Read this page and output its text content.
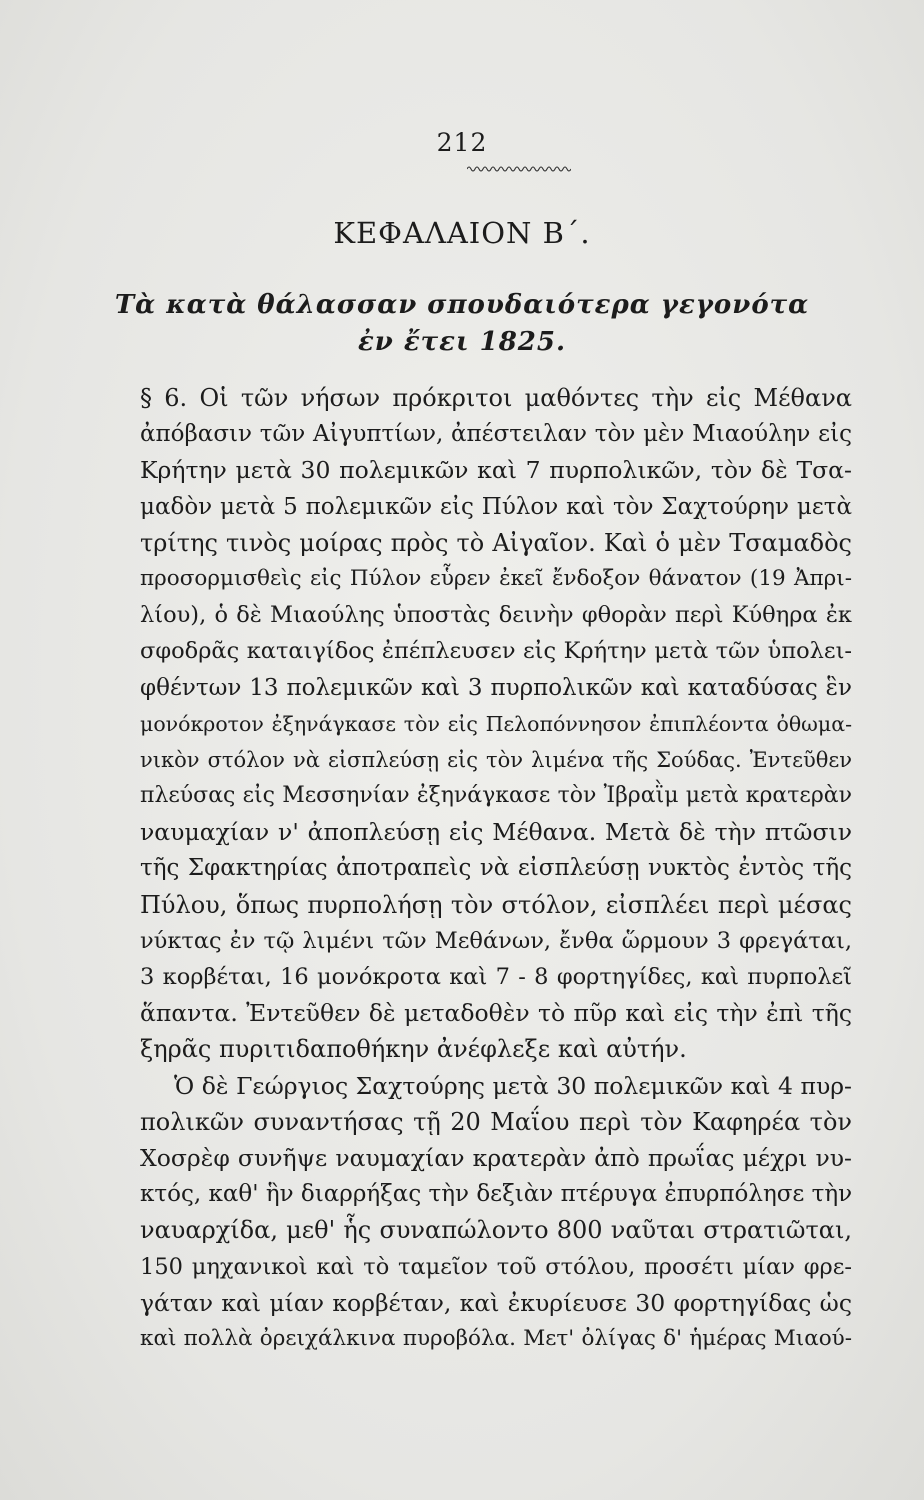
212
ΚΕΦΑΛΑΙΟΝ Β΄.
Τὰ κατὰ θάλασσαν σπουδαιότερα γεγονότα
ἐν ἔτει 1825.
§ 6. Οἱ τῶν νήσων πρόκριτοι μαθόντες τὴν εἰς Μέθανα
ἀπόβασιν τῶν Αἰγυπτίων, ἀπέστειλαν τὸν μὲν Μιαούλην εἰς
Κρήτην μετὰ 30 πολεμικῶν καὶ 7 πυρπολικῶν, τὸν δὲ Τσα-
μαδὸν μετὰ 5 πολεμικῶν εἰς Πύλον καὶ τὸν Σαχτούρην μετὰ
τρίτης τινὸς μοίρας πρὸς τὸ Αἰγαῖον. Καὶ ὁ μὲν Τσαμαδὸς
προσορμισθεὶς εἰς Πύλον εὗρεν ἐκεῖ ἔνδοξον θάνατον (19 Ἀπρι-
λίου), ὁ δὲ Μιαούλης ὑποστὰς δεινὴν φθορὰν περὶ Κύθηρα ἐκ
σφοδρᾶς καταιγίδος ἐπέπλευσεν εἰς Κρήτην μετὰ τῶν ὑπολει-
φθέντων 13 πολεμικῶν καὶ 3 πυρπολικῶν καὶ καταδύσας ἓν
μονόκροτον ἐξηνάγκασε τὸν εἰς Πελοπόννησον ἐπιπλέοντα ὀθωμα-
νικὸν στόλον νὰ εἰσπλεύσῃ εἰς τὸν λιμένα τῆς Σούδας. Ἐντεῦθεν
πλεύσας εἰς Μεσσηνίαν ἐξηνάγκασε τὸν Ἰβραῒμ μετὰ κρατερὰν
ναυμαχίαν ν' ἀποπλεύσῃ εἰς Μέθανα. Μετὰ δὲ τὴν πτῶσιν
τῆς Σφακτηρίας ἀποτραπεὶς νὰ εἰσπλεύσῃ νυκτὸς ἐντὸς τῆς
Πύλου, ὅπως πυρπολήσῃ τὸν στόλον, εἰσπλέει περὶ μέσας
νύκτας ἐν τῷ λιμένι τῶν Μεθάνων, ἔνθα ὥρμουν 3 φρεγάται,
3 κορβέται, 16 μονόκροτα καὶ 7 - 8 φορτηγίδες, καὶ πυρπολεῖ
ἅπαντα. Ἐντεῦθεν δὲ μεταδοθὲν τὸ πῦρ καὶ εἰς τὴν ἐπὶ τῆς
ξηρᾶς πυριτιδαποθήκην ἀνέφλεξε καὶ αὐτήν.
Ὁ δὲ Γεώργιος Σαχτούρης μετὰ 30 πολεμικῶν καὶ 4 πυρ-
πολικῶν συναντήσας τῇ 20 Μαΐου περὶ τὸν Καφηρέα τὸν
Χοσρὲφ συνῆψε ναυμαχίαν κρατερὰν ἀπὸ πρωΐας μέχρι νυ-
κτός, καθ' ἣν διαρρήξας τὴν δεξιὰν πτέρυγα ἐπυρπόλησε τὴν
ναυαρχίδα, μεθ' ἧς συναπώλοντο 800 ναῦται στρατιῶται,
150 μηχανικοὶ καὶ τὸ ταμεῖον τοῦ στόλου, προσέτι μίαν φρε-
γάταν καὶ μίαν κορβέταν, καὶ ἐκυρίευσε 30 φορτηγίδας ὡς
καὶ πολλὰ ὀρειχάλκινα πυροβόλα. Μετ' ὀλίγας δ' ἡμέρας Μιαού-
